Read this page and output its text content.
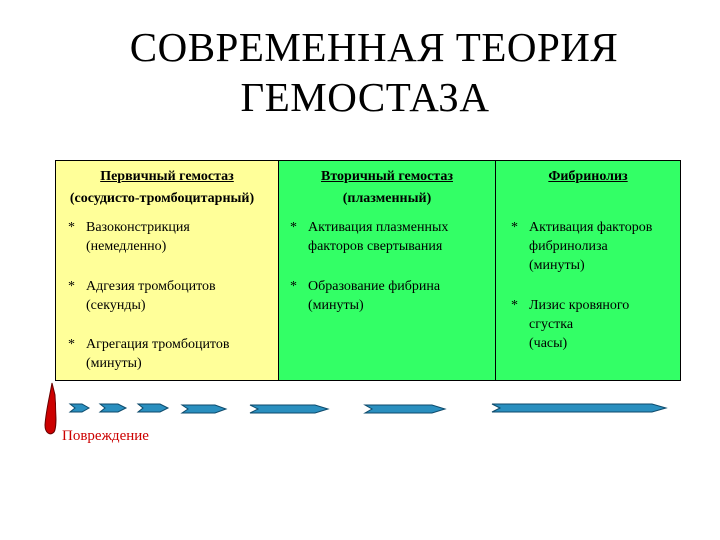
СОВРЕМЕННАЯ ТЕОРИЯ
ГЕМОСТАЗА
Первичный гемостаз
(сосудисто-тромбоцитарный)
* Вазоконстрикция
(немедленно)
* Адгезия тромбоцитов
(секунды)
* Агрегация тромбоцитов
(минуты)
Вторичный гемостаз
(плазменный)
* Активация плазменных
факторов свертывания
* Образование фибрина
(минуты)
Фибринолиз
* Активация факторов
фибринолиза
(минуты)
* Лизис кровяного
сгустка
(часы)
Повреждение
